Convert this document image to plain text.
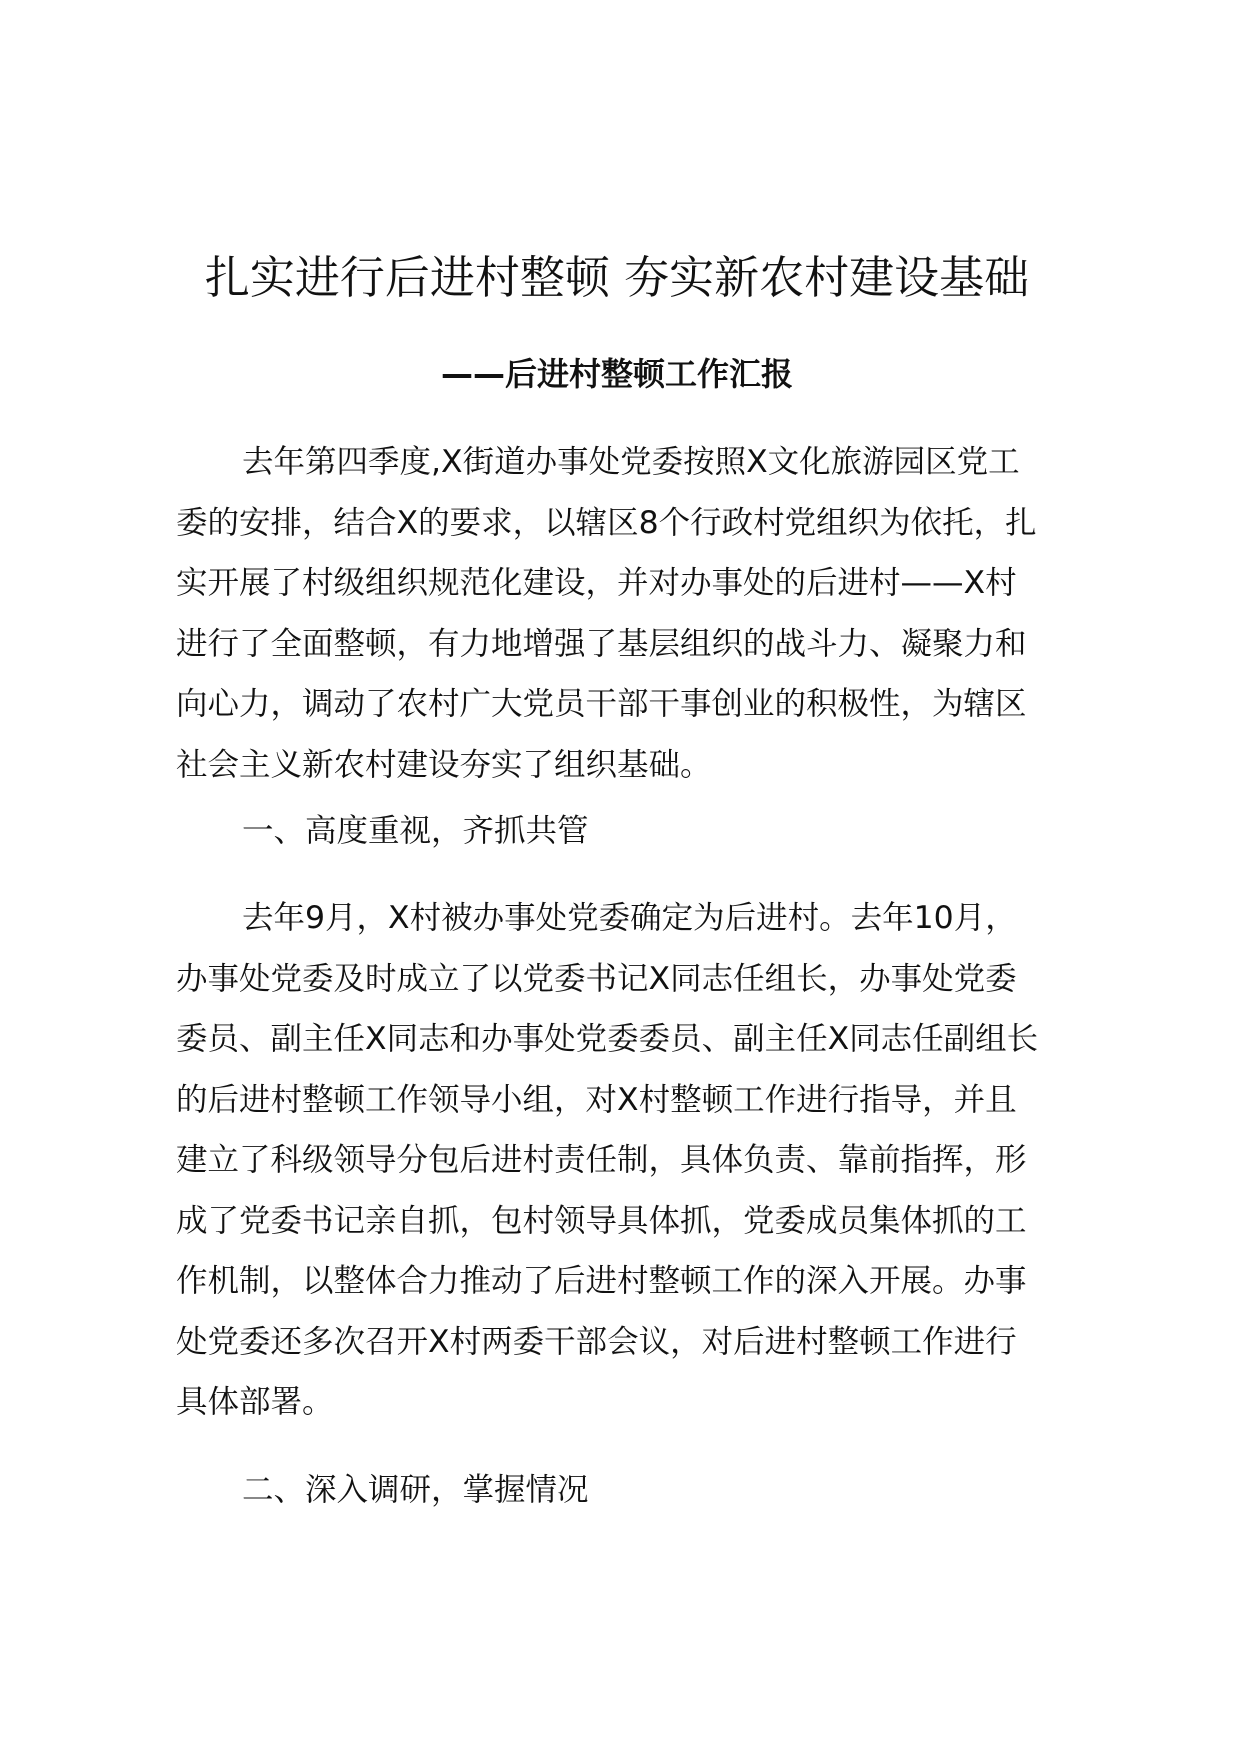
扎实进行后进村整顿 夯实新农村建设基础
——后进村整顿工作汇报
去年第四季度,X街道办事处党委按照X文化旅游园区党工
委的安排，结合X的要求，以辖区8个行政村党组织为依托，扎
实开展了村级组织规范化建设，并对办事处的后进村——X村
进行了全面整顿，有力地增强了基层组织的战斗力、凝聚力和
向心力，调动了农村广大党员干部干事创业的积极性，为辖区
社会主义新农村建设夯实了组织基础。
一、高度重视，齐抓共管
去年9月，X村被办事处党委确定为后进村。去年10月，
办事处党委及时成立了以党委书记X同志任组长，办事处党委
委员、副主任X同志和办事处党委委员、副主任X同志任副组长
的后进村整顿工作领导小组，对X村整顿工作进行指导，并且
建立了科级领导分包后进村责任制，具体负责、靠前指挥，形
成了党委书记亲自抓，包村领导具体抓，党委成员集体抓的工
作机制，以整体合力推动了后进村整顿工作的深入开展。办事
处党委还多次召开X村两委干部会议，对后进村整顿工作进行
具体部署。
二、深入调研，掌握情况
